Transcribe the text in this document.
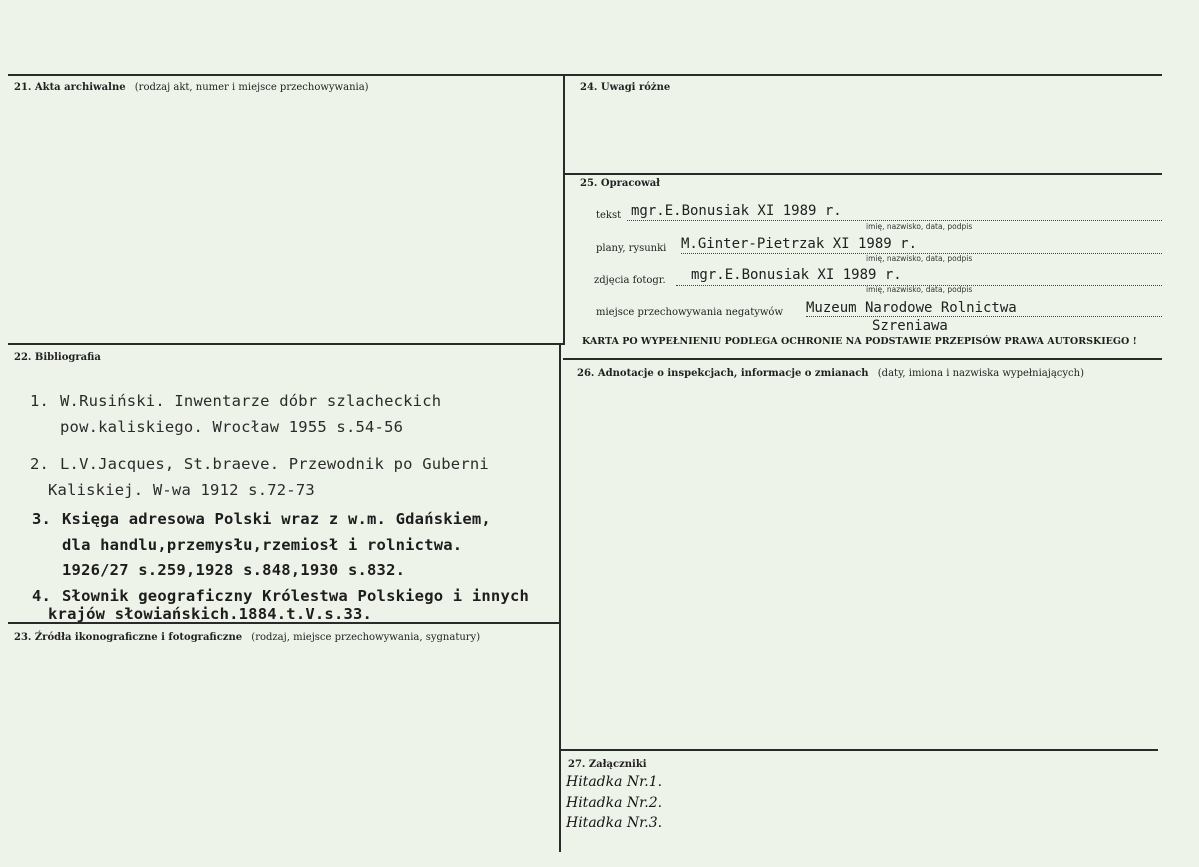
21. Akta archiwalne (rodzaj akt, numer i miejsce przechowywania)
22. Bibliografia
1. W.Rusiński. Inwentarze dóbr szlacheckich
pow.kaliskiego. Wrocław 1955 s.54-56
2. L.V.Jacques, St.braeve. Przewodnik po Guberni
Kaliskiej. W-wa 1912 s.72-73
3. Księga adresowa Polski wraz z w.m. Gdańskiem,
dla handlu,przemysłu,rzemiosł i rolnictwa.
1926/27 s.259,1928 s.848,1930 s.832.
4. Słownik geograficzny Królestwa Polskiego i innych
krajów słowiańskich.1884.t.V.s.33.
23. Źródła ikonograficzne i fotograficzne (rodzaj, miejsce przechowywania, sygnatury)
24. Uwagi różne
25. Opracował
tekst mgr.E.Bonusiak XI 1989 r.
imię, nazwisko, data, podpis
plany, rysunki M.Ginter-Pietrzak XI 1989 r.
imię, nazwisko, data, podpis
zdjęcia fotogr. mgr.E.Bonusiak XI 1989 r.
imię, nazwisko, data, podpis
miejsce przechowywania negatywów Muzeum Narodowe Rolnictwa
Szreniawa
KARTA PO WYPEŁNIENIU PODLEGA OCHRONIE NA PODSTAWIE PRZEPISÓW PRAWA AUTORSKIEGO !
26. Adnotacje o inspekcjach, informacje o zmianach (daty, imiona i nazwiska wypełniających)
27. Załączniki
Hitadka Nr.1.
Hitadka Nr.2.
Hitadka Nr.3.
